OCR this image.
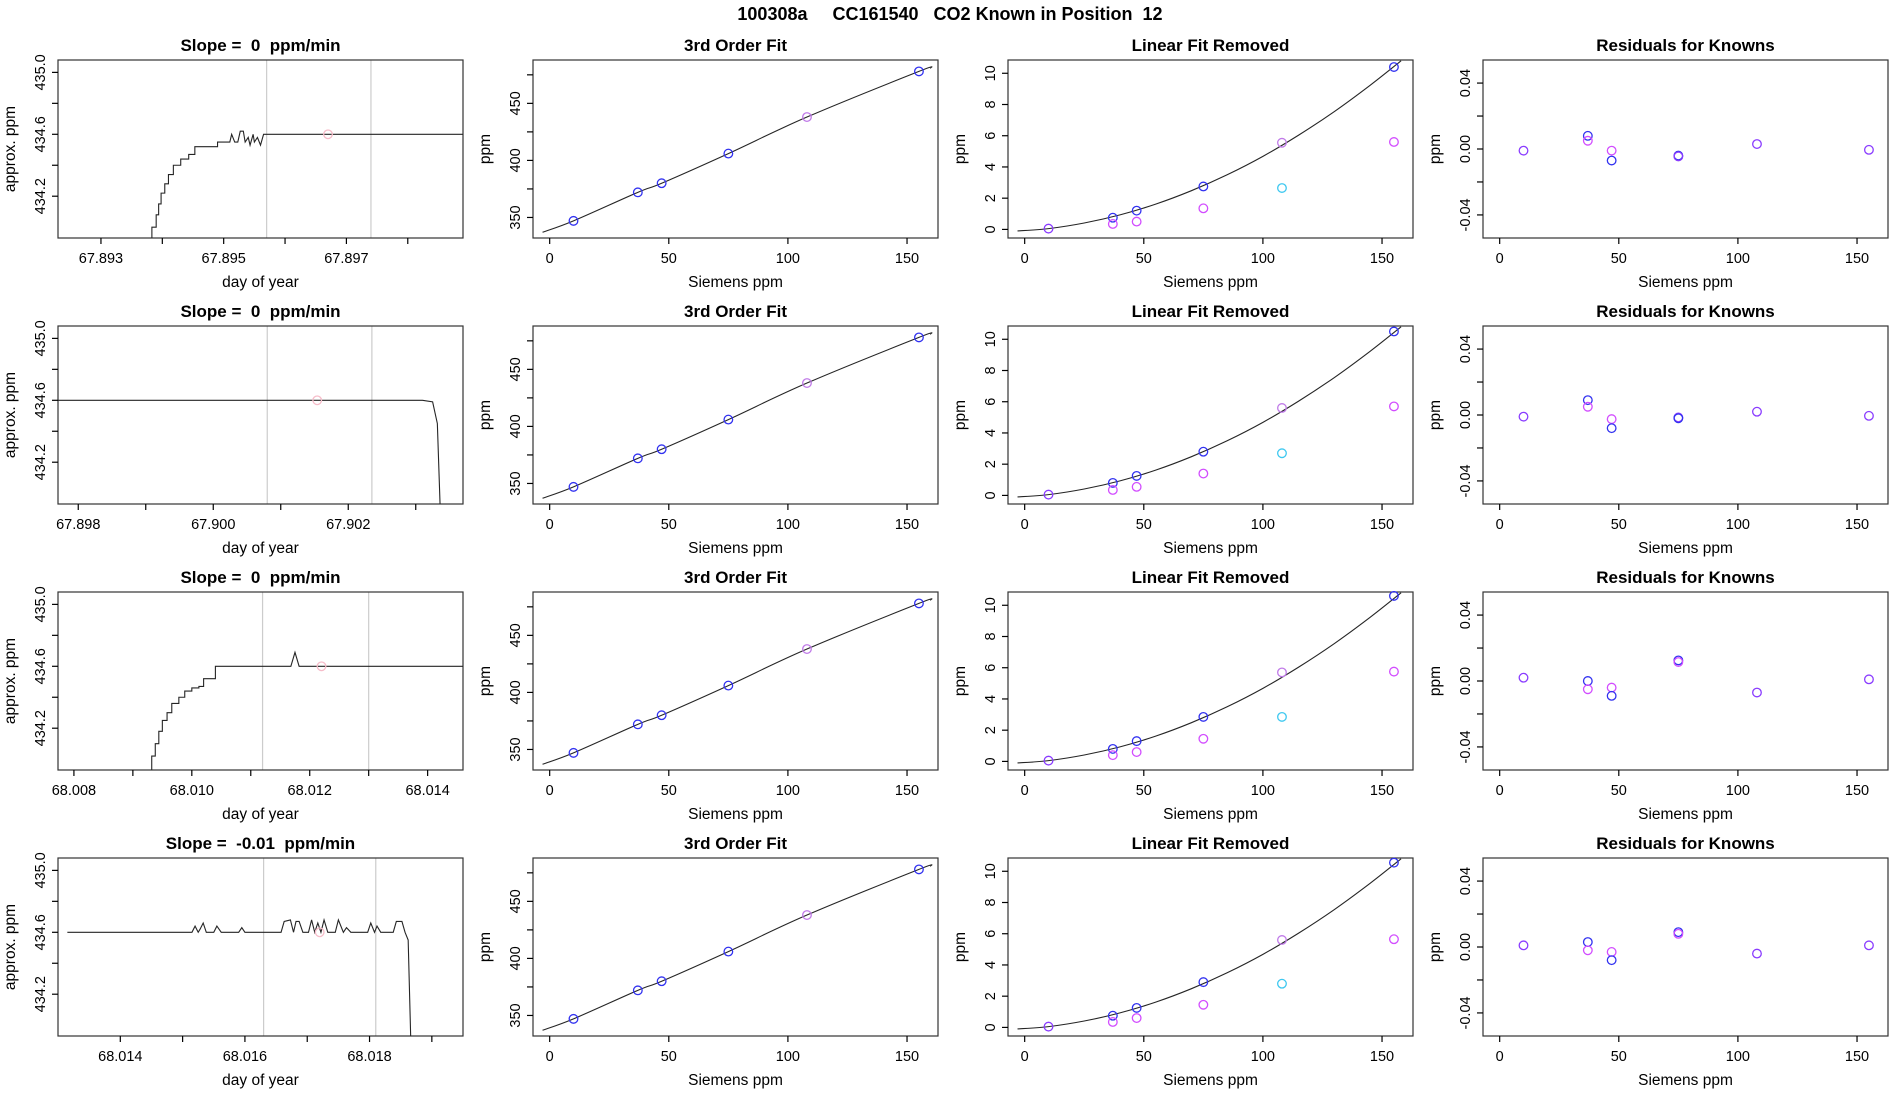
100308a     CC161540   CO2 Known in Position  12
67.893	67.895	67.897
434.2
434.6
435.0
Slope =  0  ppm/min
day of year
approx. ppm
0	50	100	150
350
400
450
3rd Order Fit
Siemens ppm
ppm
0	50	100	150
0
2
4
6
8
10
Linear Fit Removed
Siemens ppm
ppm
0	50	100	150
-0.04
0.00
0.04
Residuals for Knowns
Siemens ppm
ppm
67.898	67.900	67.902
434.2
434.6
435.0
Slope =  0  ppm/min
day of year
approx. ppm
0	50	100	150
350
400
450
3rd Order Fit
Siemens ppm
ppm
0	50	100	150
0
2
4
6
8
10
Linear Fit Removed
Siemens ppm
ppm
0	50	100	150
-0.04
0.00
0.04
Residuals for Knowns
Siemens ppm
ppm
68.008	68.010	68.012	68.014
434.2
434.6
435.0
Slope =  0  ppm/min
day of year
approx. ppm
0	50	100	150
350
400
450
3rd Order Fit
Siemens ppm
ppm
0	50	100	150
0
2
4
6
8
10
Linear Fit Removed
Siemens ppm
ppm
0	50	100	150
-0.04
0.00
0.04
Residuals for Knowns
Siemens ppm
ppm
68.014	68.016	68.018
434.2
434.6
435.0
Slope =  -0.01  ppm/min
day of year
approx. ppm
0	50	100	150
350
400
450
3rd Order Fit
Siemens ppm
ppm
0	50	100	150
0
2
4
6
8
10
Linear Fit Removed
Siemens ppm
ppm
0	50	100	150
-0.04
0.00
0.04
Residuals for Knowns
Siemens ppm
ppm
